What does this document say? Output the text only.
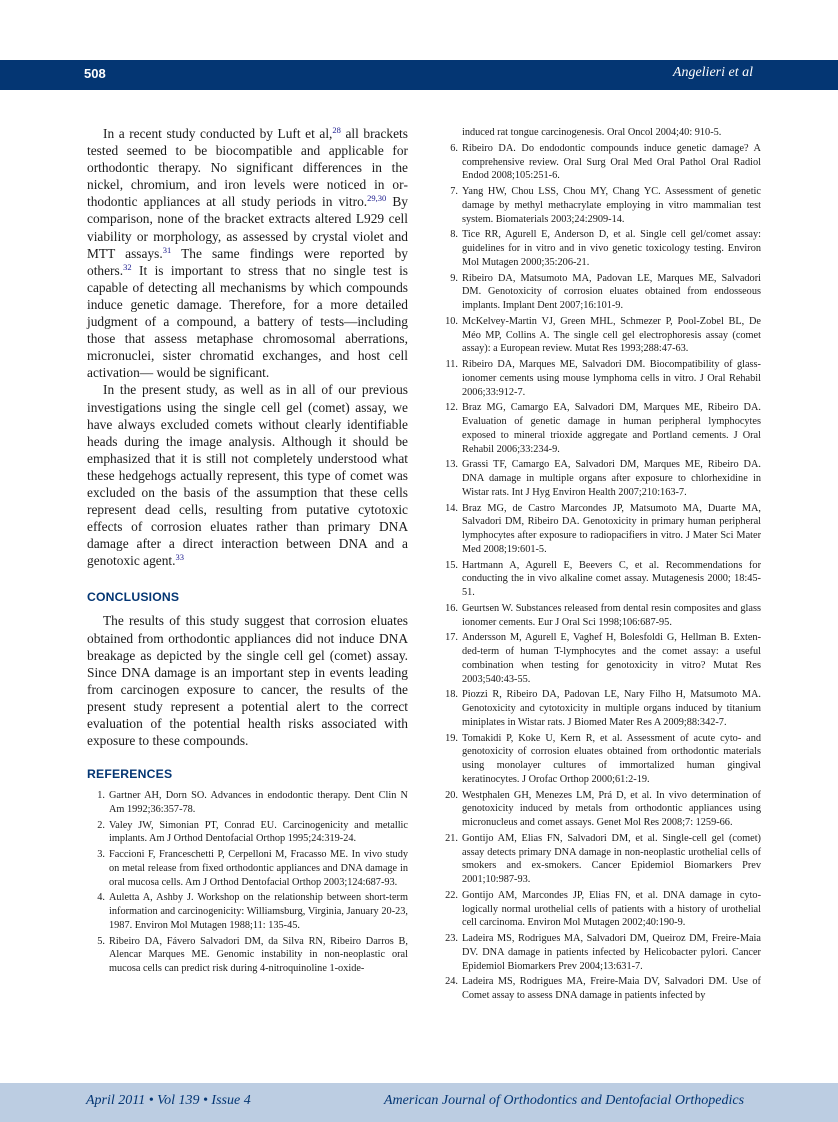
508	Angelieri et al

In a recent study conducted by Luft et al,$^{28}$ all brackets tested seemed to be biocompatible and applicable for orthodontic therapy. No significant differences in the nickel, chromium, and iron levels were noticed in orthodontic appliances at all study periods in vitro.$^{29,30}$ By comparison, none of the bracket extracts altered L929 cell viability or morphology, as assessed by crystal violet and MTT assays.$^{31}$ The same findings were reported by others.$^{32}$ It is important to stress that no single test is capable of detecting all mechanisms by which compounds induce genetic damage. Therefore, for a more detailed judgment of a compound, a battery of tests—including those that assess metaphase chromosomal aberrations, micronuclei, sister chromatid exchanges, and host cell activation— would be significant.

In the present study, as well as in all of our previous investigations using the single cell gel (comet) assay, we have always excluded comets without clearly identifiable heads during the image analysis. Although it should be emphasized that it is still not completely understood what these hedgehogs actually represent, this type of comet was excluded on the basis of the assumption that these cells represent dead cells, resulting from putative cytotoxic effects of corrosion eluates rather than primary DNA damage after a direct interaction between DNA and a genotoxic agent.$^{33}$

CONCLUSIONS

The results of this study suggest that corrosion eluates obtained from orthodontic appliances did not induce DNA breakage as depicted by the single cell gel (comet) assay. Since DNA damage is an important step in events leading from carcinogen exposure to cancer, the results of the present study represent a potential alert to the correct evaluation of the potential health risks associated with exposure to these compounds.

REFERENCES
1. Gartner AH, Dorn SO. Advances in endodontic therapy. Dent Clin N Am 1992;36:357-78.
2. Valey JW, Simonian PT, Conrad EU. Carcinogenicity and metallic implants. Am J Orthod Dentofacial Orthop 1995;24:319-24.
3. Faccioni F, Franceschetti P, Cerpelloni M, Fracasso ME. In vivo study on metal release from fixed orthodontic appliances and DNA damage in oral mucosa cells. Am J Orthod Dentofacial Orthop 2003;124:687-93.
4. Auletta A, Ashby J. Workshop on the relationship between short-term information and carcinogenicity: Williamsburg, Virginia, January 20-23, 1987. Environ Mol Mutagen 1988;11: 135-45.
5. Ribeiro DA, Fávero Salvadori DM, da Silva RN, Ribeiro Darros B, Alencar Marques ME. Genomic instability in non-neoplastic oral mucosa cells can predict risk during 4-nitroquinoline 1-oxide-
induced rat tongue carcinogenesis. Oral Oncol 2004;40: 910-5.
6. Ribeiro DA. Do endodontic compounds induce genetic damage? A comprehensive review. Oral Surg Oral Med Oral Pathol Oral Radiol Endod 2008;105:251-6.
7. Yang HW, Chou LSS, Chou MY, Chang YC. Assessment of genetic damage by methyl methacrylate employing in vitro mammalian test system. Biomaterials 2003;24:2909-14.
8. Tice RR, Agurell E, Anderson D, et al. Single cell gel/comet assay: guidelines for in vitro and in vivo genetic toxicology testing. Environ Mol Mutagen 2000;35:206-21.
9. Ribeiro DA, Matsumoto MA, Padovan LE, Marques ME, Salvadori DM. Genotoxicity of corrosion eluates obtained from endosseous implants. Implant Dent 2007;16:101-9.
10. McKelvey-Martin VJ, Green MHL, Schmezer P, Pool-Zobel BL, De Méo MP, Collins A. The single cell gel electrophoresis assay (comet assay): a European review. Mutat Res 1993;288:47-63.
11. Ribeiro DA, Marques ME, Salvadori DM. Biocompatibility of glass-ionomer cements using mouse lymphoma cells in vitro. J Oral Rehabil 2006;33:912-7.
12. Braz MG, Camargo EA, Salvadori DM, Marques ME, Ribeiro DA. Evaluation of genetic damage in human peripheral lymphocytes exposed to mineral trioxide aggregate and Portland cements. J Oral Rehabil 2006;33:234-9.
13. Grassi TF, Camargo EA, Salvadori DM, Marques ME, Ribeiro DA. DNA damage in multiple organs after exposure to chlorhexidine in Wistar rats. Int J Hyg Environ Health 2007;210:163-7.
14. Braz MG, de Castro Marcondes JP, Matsumoto MA, Duarte MA, Salvadori DM, Ribeiro DA. Genotoxicity in primary human peripheral lymphocytes after exposure to radiopacifiers in vitro. J Mater Sci Mater Med 2008;19:601-5.
15. Hartmann A, Agurell E, Beevers C, et al. Recommendations for conducting the in vivo alkaline comet assay. Mutagenesis 2000; 18:45-51.
16. Geurtsen W. Substances released from dental resin composites and glass ionomer cements. Eur J Oral Sci 1998;106:687-95.
17. Andersson M, Agurell E, Vaghef H, Bolesfoldi G, Hellman B. Extended-term of human T-lymphocytes and the comet assay: a useful combination when testing for genotoxicity in vitro? Mutat Res 2003;540:43-55.
18. Piozzi R, Ribeiro DA, Padovan LE, Nary Filho H, Matsumoto MA. Genotoxicity and cytotoxicity in multiple organs induced by titanium miniplates in Wistar rats. J Biomed Mater Res A 2009;88:342-7.
19. Tomakidi P, Koke U, Kern R, et al. Assessment of acute cyto- and genotoxicity of corrosion eluates obtained from orthodontic materials using monolayer cultures of immortalized human gingival keratinocytes. J Orofac Orthop 2000;61:2-19.
20. Westphalen GH, Menezes LM, Prá D, et al. In vivo determination of genotoxicity induced by metals from orthodontic appliances using micronucleus and comet assays. Genet Mol Res 2008;7: 1259-66.
21. Gontijo AM, Elias FN, Salvadori DM, et al. Single-cell gel (comet) assay detects primary DNA damage in non-neoplastic urothelial cells of smokers and ex-smokers. Cancer Epidemiol Biomarkers Prev 2001;10:987-93.
22. Gontijo AM, Marcondes JP, Elias FN, et al. DNA damage in cytologically normal urothelial cells of patients with a history of urothelial cell carcinoma. Environ Mol Mutagen 2002;40:190-9.
23. Ladeira MS, Rodrigues MA, Salvadori DM, Queiroz DM, Freire-Maia DV. DNA damage in patients infected by Helicobacter pylori. Cancer Epidemiol Biomarkers Prev 2004;13:631-7.
24. Ladeira MS, Rodrigues MA, Freire-Maia DV, Salvadori DM. Use of Comet assay to assess DNA damage in patients infected by
April 2011 • Vol 139 • Issue 4	American Journal of Orthodontics and Dentofacial Orthopedics
